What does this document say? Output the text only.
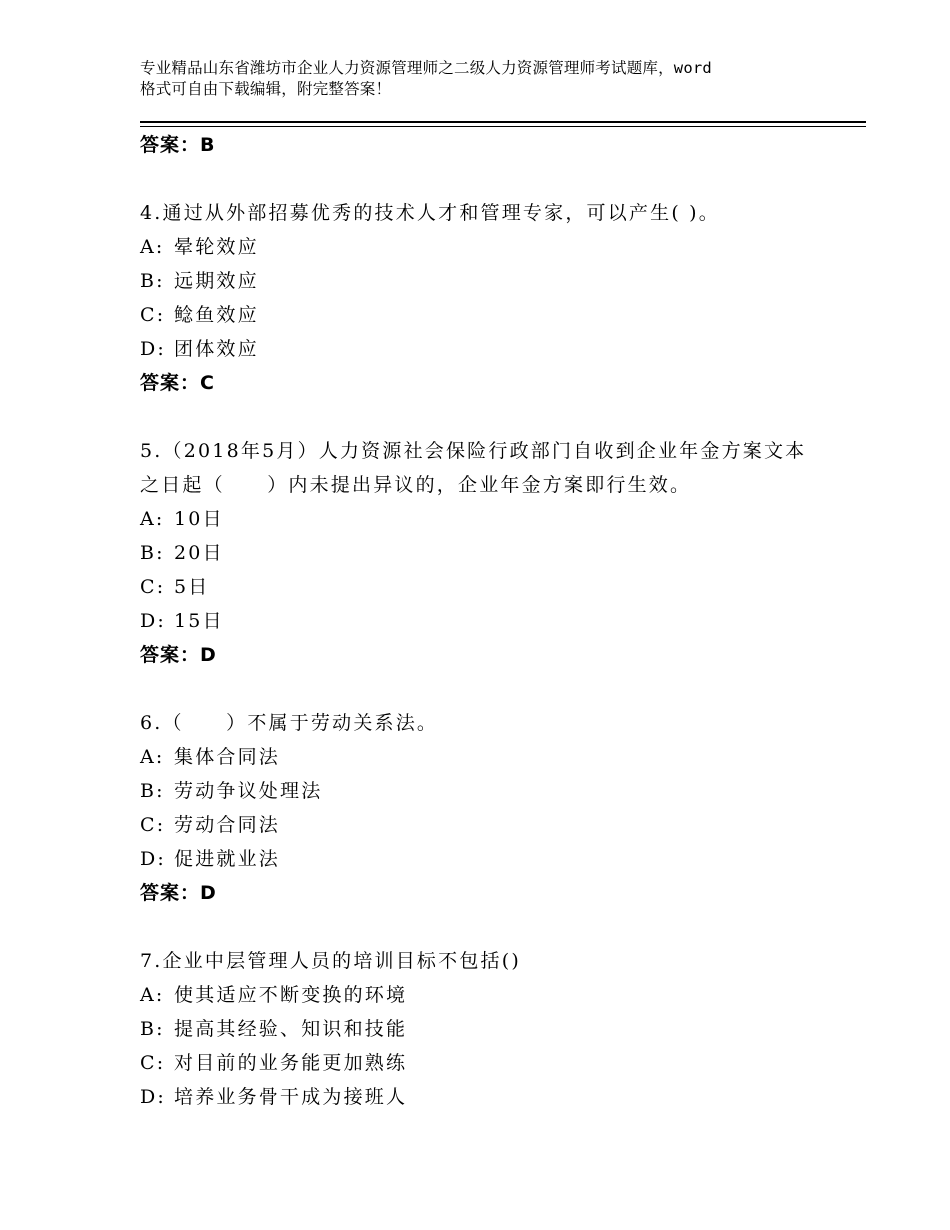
专业精品山东省潍坊市企业人力资源管理师之二级人力资源管理师考试题库，word
格式可自由下载编辑，附完整答案！
答案：B
4.通过从外部招募优秀的技术人才和管理专家，可以产生( )。
A: 晕轮效应
B: 远期效应
C: 鲶鱼效应
D: 团体效应
答案：C
5.（2018年5月）人力资源社会保险行政部门自收到企业年金方案文本之日起（　　）内未提出异议的，企业年金方案即行生效。
A: 10日
B: 20日
C: 5日
D: 15日
答案：D
6.（　　）不属于劳动关系法。
A: 集体合同法
B: 劳动争议处理法
C: 劳动合同法
D: 促进就业法
答案：D
7.企业中层管理人员的培训目标不包括()
A: 使其适应不断变换的环境
B: 提高其经验、知识和技能
C: 对目前的业务能更加熟练
D: 培养业务骨干成为接班人
